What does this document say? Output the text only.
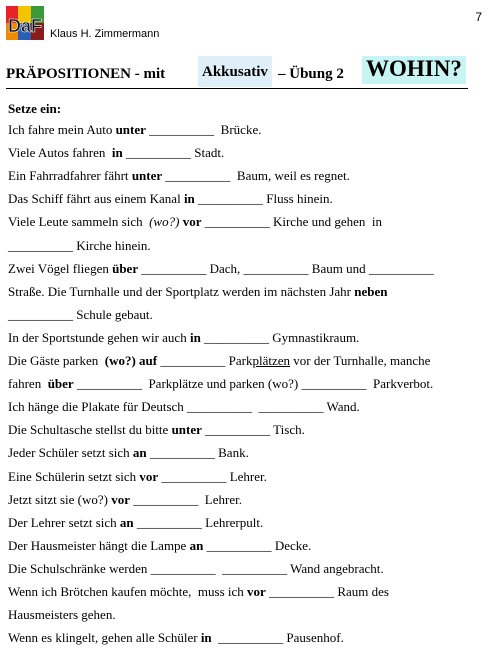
DaF Klaus H. Zimmermann
7
PRÄPOSITIONEN - mit Akkusativ – Übung 2 WOHIN?
Setze ein:
Ich fahre mein Auto unter __________  Brücke.
Viele Autos fahren  in __________ Stadt.
Ein Fahrradfahrer fährt unter __________  Baum, weil es regnet.
Das Schiff fährt aus einem Kanal in __________ Fluss hinein.
Viele Leute sammeln sich  (wo?) vor __________ Kirche und gehen  in
__________ Kirche hinein.
Zwei Vögel fliegen über __________ Dach, __________ Baum und __________
Straße. Die Turnhalle und der Sportplatz werden im nächsten Jahr neben
__________ Schule gebaut.
In der Sportstunde gehen wir auch in __________ Gymnastikraum.
Die Gäste parken  (wo?) auf __________ Parkplätzen vor der Turnhalle, manche
fahren  über __________  Parkplätze und parken (wo?) __________  Parkverbot.
Ich hänge die Plakate für Deutsch __________  __________ Wand.
Die Schultasche stellst du bitte unter __________ Tisch.
Jeder Schüler setzt sich an __________ Bank.
Eine Schülerin setzt sich vor __________ Lehrer.
Jetzt sitzt sie (wo?) vor __________  Lehrer.
Der Lehrer setzt sich an __________ Lehrerpult.
Der Hausmeister hängt die Lampe an __________ Decke.
Die Schulschränke werden __________  __________ Wand angebracht.
Wenn ich Brötchen kaufen möchte,  muss ich vor __________ Raum des
Hausmeisters gehen.
Wenn es klingelt, gehen alle Schüler in  __________ Pausenhof.
